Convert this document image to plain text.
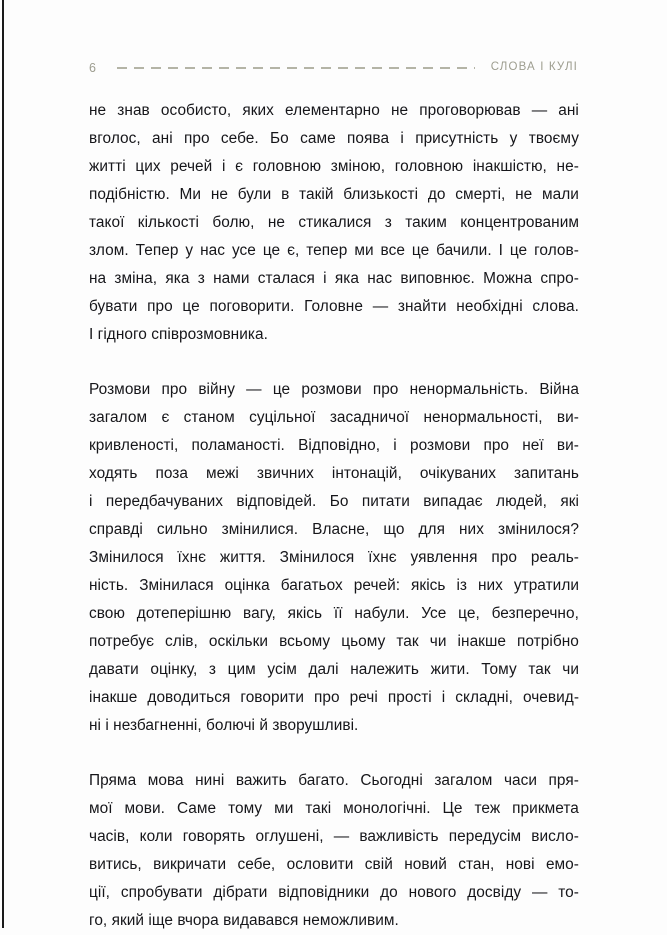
6	СЛОВА І КУЛІ

не знав особисто, яких елементарно не проговорював — ані
вголос, ані про себе. Бо саме поява і присутність у твоєму
житті цих речей і є головною зміною, головною інакшістю, не-
подібністю. Ми не були в такій близькості до смерті, не мали
такої кількості болю, не стикалися з таким концентрованим
злом. Тепер у нас усе це є, тепер ми все це бачили. І це голов-
на зміна, яка з нами сталася і яка нас виповнює. Можна спро-
бувати про це поговорити. Головне — знайти необхідні слова.
І гідного співрозмовника.

Розмови про війну — це розмови про ненормальність. Війна
загалом є станом суцільної засадничої ненормальності, ви-
кривленості, поламаності. Відповідно, і розмови про неї ви-
ходять поза межі звичних інтонацій, очікуваних запитань
і передбачуваних відповідей. Бо питати випадає людей, які
справді сильно змінилися. Власне, що для них змінилося?
Змінилося їхнє життя. Змінилося їхнє уявлення про реаль-
ність. Змінилася оцінка багатьох речей: якісь із них утратили
свою дотеперішню вагу, якісь її набули. Усе це, безперечно,
потребує слів, оскільки всьому цьому так чи інакше потрібно
давати оцінку, з цим усім далі належить жити. Тому так чи
інакше доводиться говорити про речі прості і складні, очевид-
ні і незбагненні, болючі й зворушливі.

Пряма мова нині важить багато. Сьогодні загалом часи пря-
мої мови. Саме тому ми такі монологічні. Це теж прикмета
часів, коли говорять оглушені, — важливість передусім висло-
витись, викричати себе, ословити свій новий стан, нові емо-
ції, спробувати дібрати відповідники до нового досвіду — то-
го, який іще вчора видавався неможливим.
